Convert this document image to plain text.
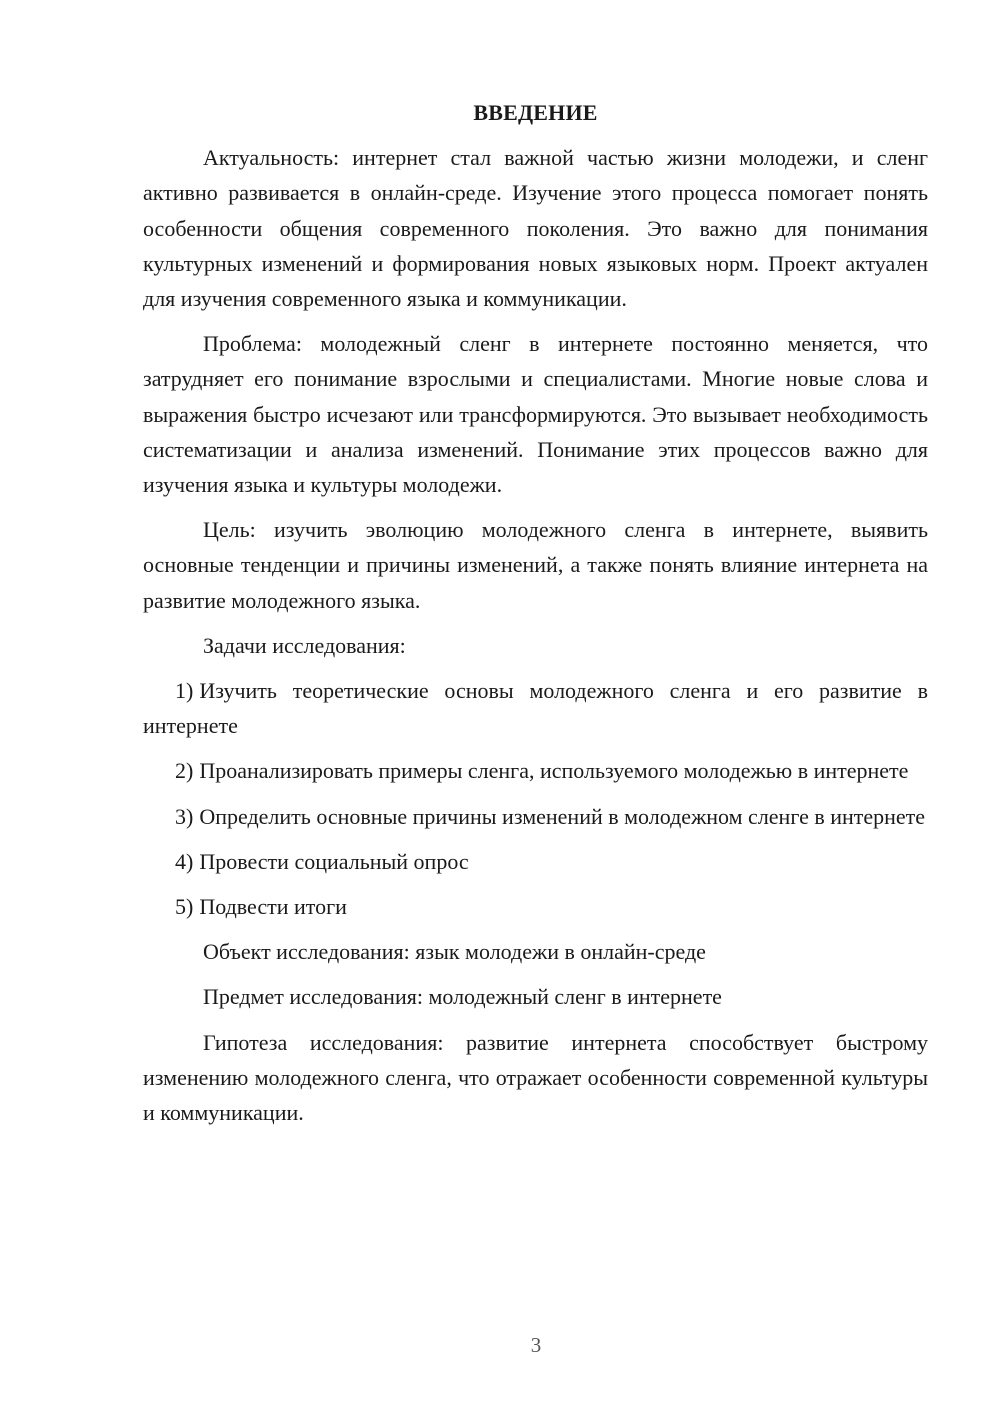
ВВЕДЕНИЕ

Актуальность: интернет стал важной частью жизни молодежи, и сленг активно развивается в онлайн-среде. Изучение этого процесса помогает понять особенности общения современного поколения. Это важно для понимания культурных изменений и формирования новых языковых норм. Проект актуален для изучения современного языка и коммуникации.

Проблема: молодежный сленг в интернете постоянно меняется, что затрудняет его понимание взрослыми и специалистами. Многие новые слова и выражения быстро исчезают или трансформируются. Это вызывает необходимость систематизации и анализа изменений. Понимание этих процессов важно для изучения языка и культуры молодежи.

Цель: изучить эволюцию молодежного сленга в интернете, выявить основные тенденции и причины изменений, а также понять влияние интернета на развитие молодежного языка.

Задачи исследования:

1) Изучить теоретические основы молодежного сленга и его развитие в интернете

2) Проанализировать примеры сленга, используемого молодежью в интернете

3) Определить основные причины изменений в молодежном сленге в интернете

4) Провести социальный опрос

5) Подвести итоги

Объект исследования: язык молодежи в онлайн-среде

Предмет исследования: молодежный сленг в интернете

Гипотеза исследования: развитие интернета способствует быстрому изменению молодежного сленга, что отражает особенности современной культуры и коммуникации.

3
